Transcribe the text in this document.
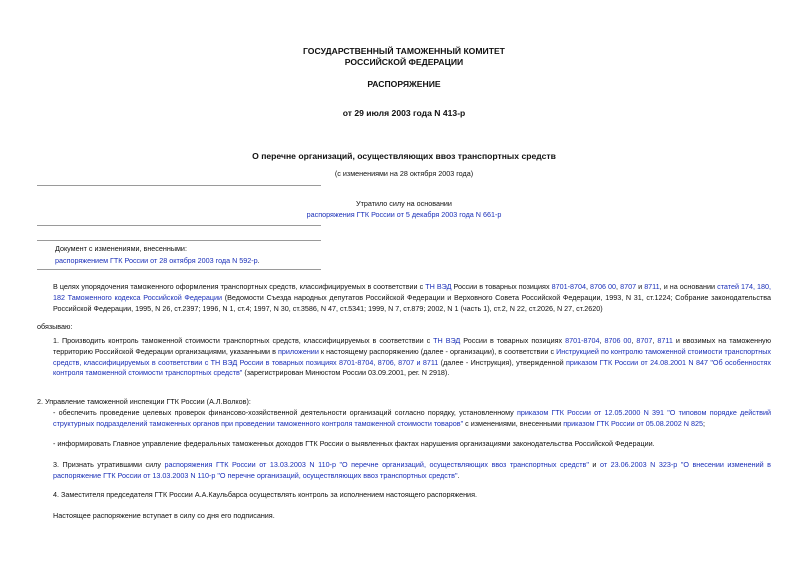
ГОСУДАРСТВЕННЫЙ ТАМОЖЕННЫЙ КОМИТЕТ
РОССИЙСКОЙ ФЕДЕРАЦИИ
РАСПОРЯЖЕНИЕ
от 29 июля 2003 года N 413-р
О перечне организаций, осуществляющих ввоз транспортных средств
(с изменениями на 28 октября 2003 года)
Утратило силу на основании
распоряжения ГТК России от 5 декабря 2003 года N 661-р
Документ с изменениями, внесенными:
распоряжением ГТК России от 28 октября 2003 года N 592-р.
В целях упорядочения таможенного оформления транспортных средств, классифицируемых в соответствии с ТН ВЭД России в товарных позициях 8701-8704, 8706 00, 8707 и 8711, и на основании статей 174, 180, 182 Таможенного кодекса Российской Федерации (Ведомости Съезда народных депутатов Российской Федерации и Верховного Совета Российской Федерации, 1993, N 31, ст.1224; Собрание законодательства Российской Федерации, 1995, N 26, ст.2397; 1996, N 1, ст.4; 1997, N 30, ст.3586, N 47, ст.5341; 1999, N 7, ст.879; 2002, N 1 (часть 1), ст.2, N 22, ст.2026, N 27, ст.2620)
обязываю:
1. Производить контроль таможенной стоимости транспортных средств, классифицируемых в соответствии с ТН ВЭД России в товарных позициях 8701-8704, 8706 00, 8707, 8711 и ввозимых на таможенную территорию Российской Федерации организациями, указанными в приложении к настоящему распоряжению (далее - организации), в соответствии с Инструкцией по контролю таможенной стоимости транспортных средств, классифицируемых в соответствии с ТН ВЭД России в товарных позициях 8701-8704, 8706, 8707 и 8711 (далее - Инструкция), утвержденной приказом ГТК России от 24.08.2001 N 847 "Об особенностях контроля таможенной стоимости транспортных средств" (зарегистрирован Минюстом России 03.09.2001, рег. N 2918).
2. Управление таможенной инспекции ГТК России (А.Л.Волков):
- обеспечить проведение целевых проверок финансово-хозяйственной деятельности организаций согласно порядку, установленному приказом ГТК России от 12.05.2000 N 391 "О типовом порядке действий структурных подразделений таможенных органов при проведении таможенного контроля таможенной стоимости товаров" с изменениями, внесенными приказом ГТК России от 05.08.2002 N 825;
- информировать Главное управление федеральных таможенных доходов ГТК России о выявленных фактах нарушения организациями законодательства Российской Федерации.
3. Признать утратившими силу распоряжения ГТК России от 13.03.2003 N 110-р "О перечне организаций, осуществляющих ввоз транспортных средств" и от 23.06.2003 N 323-р "О внесении изменений в распоряжение ГТК России от 13.03.2003 N 110-р "О перечне организаций, осуществляющих ввоз транспортных средств".
4. Заместителя председателя ГТК России А.А.Каульбарса осуществлять контроль за исполнением настоящего распоряжения.
Настоящее распоряжение вступает в силу со дня его подписания.
